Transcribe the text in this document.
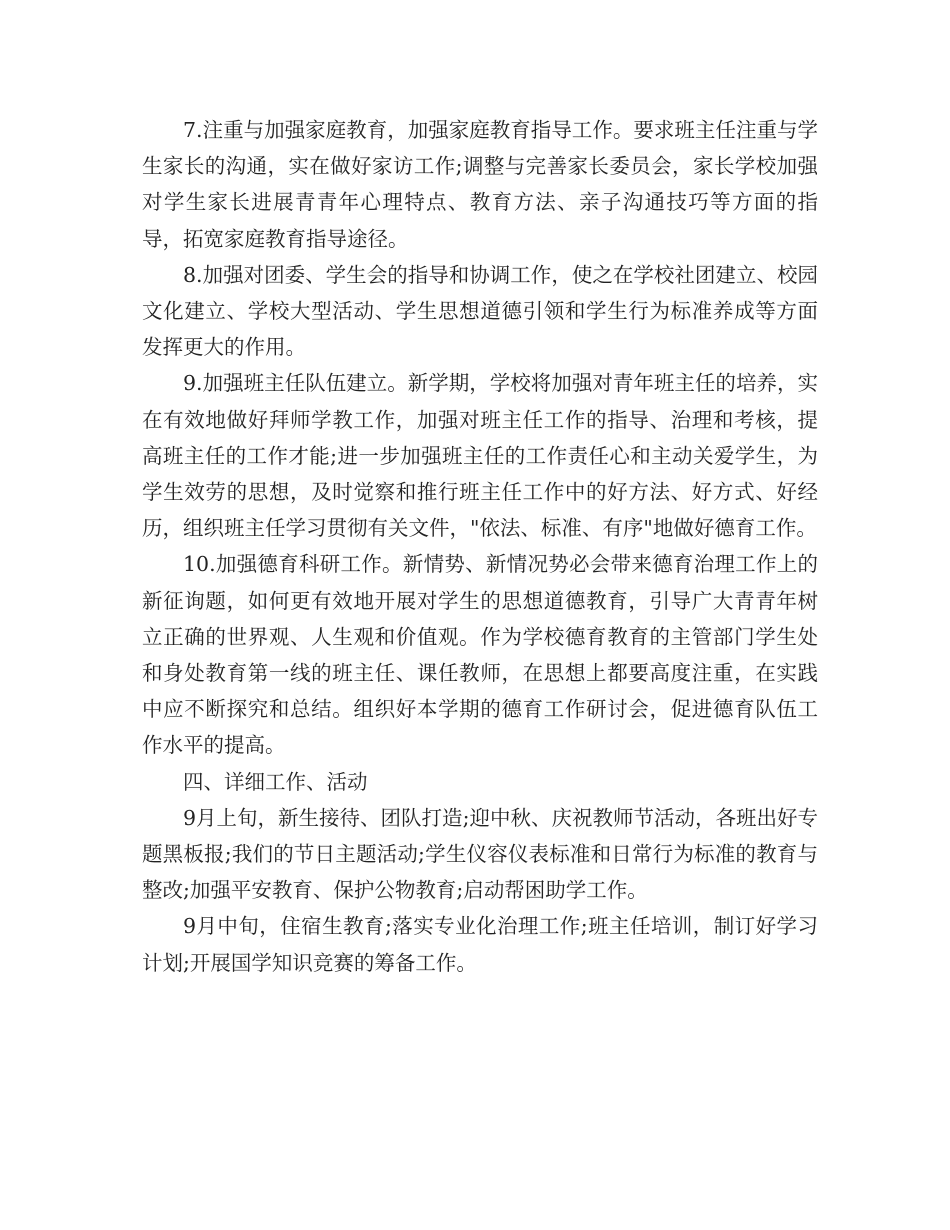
7.注重与加强家庭教育，加强家庭教育指导工作。要求班主任注重与学生家长的沟通，实在做好家访工作;调整与完善家长委员会，家长学校加强对学生家长进展青青年心理特点、教育方法、亲子沟通技巧等方面的指导，拓宽家庭教育指导途径。

8.加强对团委、学生会的指导和协调工作，使之在学校社团建立、校园文化建立、学校大型活动、学生思想道德引领和学生行为标准养成等方面发挥更大的作用。

9.加强班主任队伍建立。新学期，学校将加强对青年班主任的培养，实在有效地做好拜师学教工作，加强对班主任工作的指导、治理和考核，提高班主任的工作才能;进一步加强班主任的工作责任心和主动关爱学生，为学生效劳的思想，及时觉察和推行班主任工作中的好方法、好方式、好经历，组织班主任学习贯彻有关文件，"依法、标准、有序"地做好德育工作。

10.加强德育科研工作。新情势、新情况势必会带来德育治理工作上的新征询题，如何更有效地开展对学生的思想道德教育，引导广大青青年树立正确的世界观、人生观和价值观。作为学校德育教育的主管部门学生处和身处教育第一线的班主任、课任教师，在思想上都要高度注重，在实践中应不断探究和总结。组织好本学期的德育工作研讨会，促进德育队伍工作水平的提高。

四、详细工作、活动

9月上旬，新生接待、团队打造;迎中秋、庆祝教师节活动，各班出好专题黑板报;我们的节日主题活动;学生仪容仪表标准和日常行为标准的教育与整改;加强平安教育、保护公物教育;启动帮困助学工作。

9月中旬，住宿生教育;落实专业化治理工作;班主任培训，制订好学习计划;开展国学知识竞赛的筹备工作。
